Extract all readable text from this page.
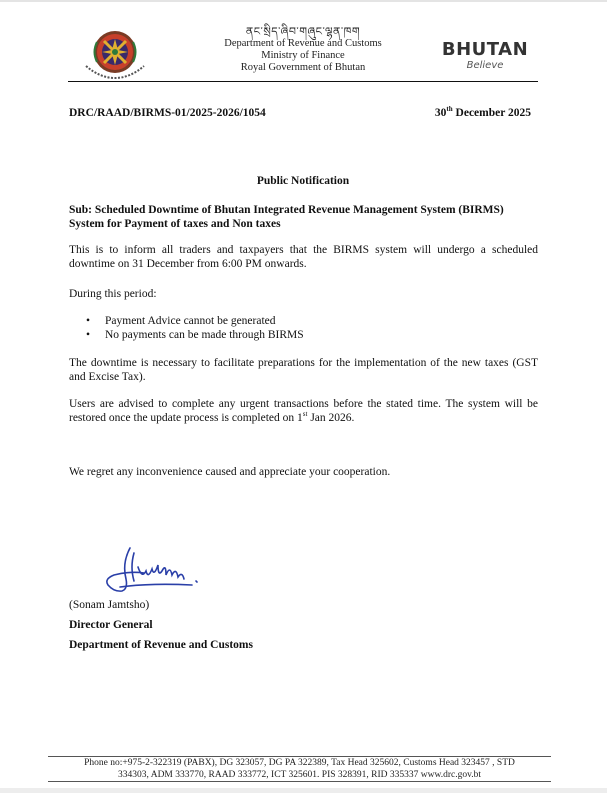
ནང་སྲིད་ཞིབ་གཞུང་ལྷན་ཁག
Department of Revenue and Customs
Ministry of Finance
Royal Government of Bhutan
BHUTAN
Believe
DRC/RAAD/BIRMS-01/2025-2026/1054	30th December 2025
Public Notification
Sub: Scheduled Downtime of Bhutan Integrated Revenue Management System (BIRMS)
System for Payment of taxes and Non taxes
This is to inform all traders and taxpayers that the BIRMS system will undergo a scheduled downtime on 31 December from 6:00 PM onwards.
During this period:
• Payment Advice cannot be generated
• No payments can be made through BIRMS
The downtime is necessary to facilitate preparations for the implementation of the new taxes (GST and Excise Tax).
Users are advised to complete any urgent transactions before the stated time. The system will be restored once the update process is completed on 1st Jan 2026.
We regret any inconvenience caused and appreciate your cooperation.
(Sonam Jamtsho)
Director General
Department of Revenue and Customs
Phone no:+975-2-322319 (PABX), DG 323057, DG PA 322389, Tax Head 325602, Customs Head 323457 , STD
334303, ADM 333770, RAAD 333772, ICT 325601. PIS 328391, RID 335337 www.drc.gov.bt
